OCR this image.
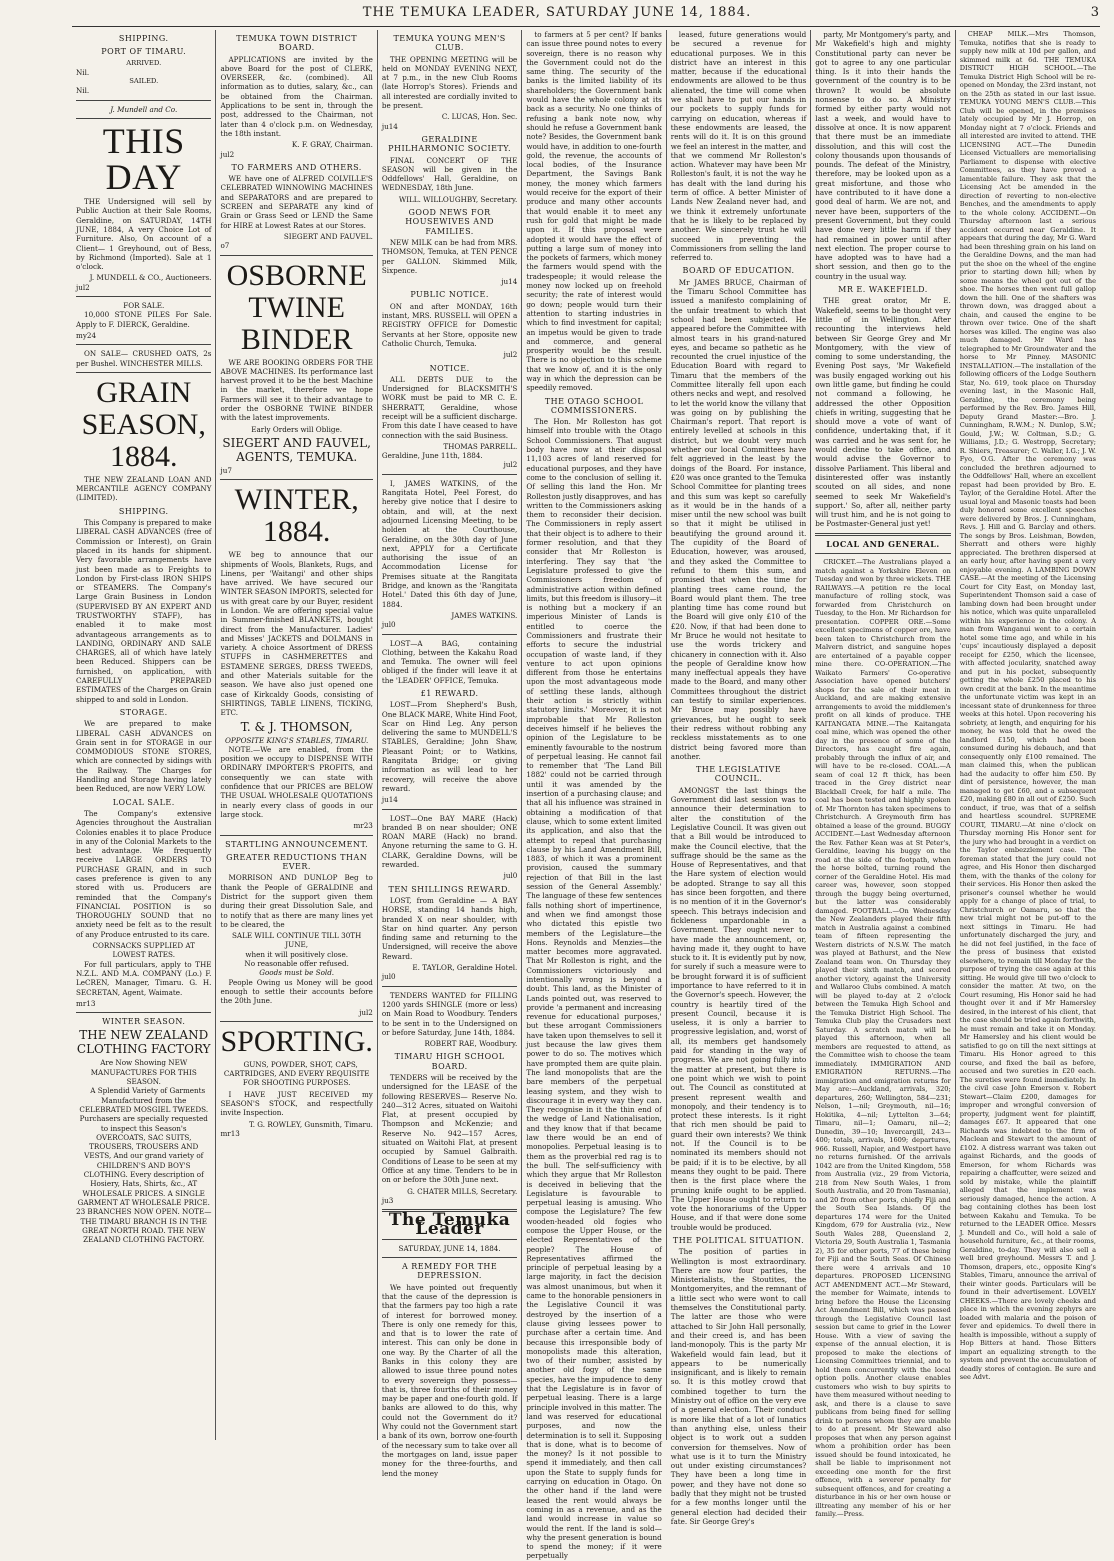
THE TEMUKA LEADER, SATURDAY JUNE 14, 1884.	3
SHIPPING.
PORT OF TIMARU.
ARRIVED.
Nil.
SAILED.
Nil.
J. Mundell and Co.
THIS DAY

THE Undersigned will sell by Public Auction at their Sale Rooms, Geraldine, on SATURDAY, 14TH JUNE, 1884, A very Choice Lot of Furniture. Also, On account of a Client— 1 Greyhound, out of Bess, by Richmond (Imported). Sale at 1 o'clock.

J. MUNDELL & CO., Auctioneers.
jul2
FOR SALE.

10,000 STONE PILES For Sale. Apply to F. DIERCK, Geraldine.

my24

ON SALE— CRUSHED OATS, 2s per Bushel. WINCHESTER MILLS.

GRAIN SEASON, 1884.

THE NEW ZEALAND LOAN AND MERCANTILE AGENCY COMPANY (LIMITED).

SHIPPING.

This Company is prepared to make LIBERAL CASH ADVANCES (free of Commission or Interest), on Grain placed in its hands for shipment. Very favorable arrangements have just been made as to Freights to London by First-class IRON SHIPS or STEAMERS. The Company's Large Grain Business in London (SUPERVISED BY AN EXPERT AND TRUSTWORTHY STAFF), has enabled it to make most advantageous arrangements as to LANDING, ORDINARY AND SALE CHARGES, all of which have lately been Reduced. Shippers can be furnished, on application, with CAREFULLY PREPARED ESTIMATES of the Charges on Grain shipped to and sold in London.

STORAGE.

We are prepared to make LIBERAL CASH ADVANCES on Grain sent in for STORAGE in our COMMODIOUS STONE STORES, which are connected by sidings with the Railway. The Charges for Handling and Storage having lately been Reduced, are now VERY LOW.

LOCAL SALE.

The Company's extensive Agencies throughout the Australian Colonies enables it to place Produce in any of the Colonial Markets to the best advantage. We frequently receive LARGE ORDERS TO PURCHASE GRAIN, and in such cases preference is given to any stored with us. Producers are reminded that the Company's FINANCIAL POSITION is so THOROUGHLY SOUND that no anxiety need be felt as to the result of any Produce entrusted to its care.

CORNSACKS SUPPLIED AT LOWEST RATES.

For full particulars, apply to THE N.Z.L. AND M.A. COMPANY (Lo.) F. LeCREN, Manager, Timaru. G. H. SECRETAN, Agent, Waimate.

mr13
WINTER SEASON.
THE NEW ZEALAND CLOTHING FACTORY
Are Now Showing NEW MANUFACTURES FOR THIS SEASON.

A Splendid Variety of Garments Manufactured from the CELEBRATED MOSGIEL TWEEDS. Purchasers are specially requested to inspect this Season's OVERCOATS, SAC SUITS, TROUSERS, TROUSERS AND VESTS, And our grand variety of CHILDREN'S AND BOY'S CLOTHING. Every description of Hosiery, Hats, Shirts, &c., AT WHOLESALE PRICES. A SINGLE GARMENT AT WHOLESALE PRICE. 23 BRANCHES NOW OPEN. NOTE—THE TIMARU BRANCH IS IN THE GREAT NORTH ROAD. THE NEW ZEALAND CLOTHING FACTORY.

TEMUKA TOWN DISTRICT BOARD.

APPLICATIONS are invited by the above Board for the post of CLERK, OVERSEER, &c. (combined). All information as to duties, salary, &c., can be obtained from the Chairman. Applications to be sent in, through the post, addressed to the Chairman, not later than 4 o'clock p.m. on Wednesday, the 18th instant.

K. F. GRAY, Chairman.
jul2
TO FARMERS AND OTHERS.

WE have one of ALFRED COLVILLE'S CELEBRATED WINNOWING MACHINES and SEPARATORS and are prepared to SCREEN and SEPARATE any kind of Grain or Grass Seed or LEND the Same for HIRE at Lowest Rates at our Stores.

SIEGERT AND FAUVEL.
o7
OSBORNE TWINE BINDER

WE ARE BOOKING ORDERS FOR THE ABOVE MACHINES. Its performance last harvest proved it to be the best Machine in the market, therefore we hope Farmers will see it to their advantage to order the OSBORNE TWINE BINDER with the latest improvements.

Early Orders will Oblige.
SIEGERT AND FAUVEL, AGENTS, TEMUKA.
ju7
WINTER, 1884.

WE beg to announce that our shipments of Wools, Blankets, Rugs, and Linens, per 'Waitangi' and other ships have arrived. We have secured our WINTER SEASON IMPORTS, selected for us with great care by our Buyer, resident in London. We are offering special value in Summer-finished BLANKETS, bought direct from the Manufacturer. Ladies' and Misses' JACKETS and DOLMANS in variety. A choice Assortment of DRESS STUFFS in CASHMERETTES and ESTAMENE SERGES, DRESS TWEEDS, and other Materials suitable for the season. We have also just opened one case of Kirkcaldy Goods, consisting of SHIRTINGS, TABLE LINENS, TICKING, ETC.

T. & J. THOMSON,
OPPOSITE KING'S STABLES, TIMARU.

NOTE.—We are enabled, from the position we occupy to DISPENSE WITH ORDINARY IMPORTER'S PROFITS, and consequently we can state with confidence that our PRICES are BELOW THE USUAL WHOLESALE QUOTATIONS in nearly every class of goods in our large stock.

mr23
STARTLING ANNOUNCEMENT.
GREATER REDUCTIONS THAN EVER.

MORRISON AND DUNLOP Beg to thank the People of GERALDINE and District for the support given them during their great Dissolution Sale, and to notify that as there are many lines yet to be cleared, the

SALE WILL CONTINUE TILL 30TH JUNE,
when it will positively close.
No reasonable offer refused.
Goods must be Sold.

People Owing us Money will be good enough to settle their accounts before the 20th June.

jul2
SPORTING.

GUNS, POWDER, SHOT, CAPS, CARTRIDGES, AND EVERY REQUISITE FOR SHOOTING PURPOSES.

I HAVE JUST RECEIVED my SEASON'S STOCK, and respectfully invite Inspection.

T. G. ROWLEY, Gunsmith, Timaru.
mr13
TEMUKA YOUNG MEN'S CLUB.

THE OPENING MEETING will be held on MONDAY EVENING NEXT, at 7 p.m., in the new Club Rooms (late Horrop's Stores). Friends and all interested are cordially invited to be present.

C. LUCAS, Hon. Sec.
ju14
GERALDINE PHILHARMONIC SOCIETY.

FINAL CONCERT OF THE SEASON will be given in the Oddfellows' Hall, Geraldine, on WEDNESDAY, 18th June.

WILL. WILLOUGHBY, Secretary.
GOOD NEWS FOR HOUSEWIVES AND FAMILIES.

NEW MILK can be had from MRS. THOMSON, Temuka, at TEN PENCE per GALLON. Skimmed Milk, Sixpence.

ju14
PUBLIC NOTICE.

ON and after MONDAY, 16th instant, MRS. RUSSELL will OPEN a REGISTRY OFFICE for Domestic Servants at her Store, opposite new Catholic Church, Temuka.

jul2
NOTICE.

ALL DEBTS DUE to the Undersigned for BLACKSMITH'S WORK must be paid to MR C. E. SHERRATT, Geraldine, whose receipt will be a sufficient discharge. From this date I have ceased to have connection with the said Business.

THOMAS PARRELL.
Geraldine, June 11th, 1884.
jul2

I, JAMES WATKINS, of the Rangitata Hotel, Peel Forest, do hereby give notice that I desire to obtain, and will, at the next adjourned Licensing Meeting, to be holden at the Courthouse, Geraldine, on the 30th day of June next, APPLY for a Certificate authorising the issue of an Accommodation License for Premises situate at the Rangitata Bridge, and known as the 'Rangitata Hotel.' Dated this 6th day of June, 1884.

JAMES WATKINS.
jul0

LOST—A BAG, containing Clothing, between the Kakahu Road and Temuka. The owner will feel obliged if the finder will leave it at the 'LEADER' OFFICE, Temuka.

£1 REWARD.

LOST—From Shepherd's Bush, One BLACK MARE, White Hind Foot, Scar on Hind Leg. Any person delivering the same to MUNDELL'S STABLES, Geraldine; John Shaw, Pleasant Point; or to Watkins, Rangitata Bridge; or giving information as will lead to her recovery, will receive the above reward.

ju14

LOST—One BAY MARE (Hack) branded B on near shoulder; ONE ROAN MARE (Hack) no brand. Anyone returning the same to G. H. CLARK, Geraldine Downs, will be rewarded.

jul0
TEN SHILLINGS REWARD.

LOST, from Geraldine — A BAY HORSE, standing 14 hands high, branded X on near shoulder, with Star on hind quarter. Any person finding same and returning to the Undersigned, will receive the above Reward.

E. TAYLOR, Geraldine Hotel.
jul0

TENDERS WANTED for FILLING 1200 yards SHINGLE (more or less) on Main Road to Woodbury. Tenders to be sent in to the Undersigned on or before Saturday, June 14th, 1884.

ROBERT RAE, Woodbury.
TIMARU HIGH SCHOOL BOARD.

TENDERS will be received by the undersigned for the LEASE of the following RESERVES— Reserve No. 240—312 Acres, situated on Waitohi Flat, at present occupied by Thompson and McKenzie; and Reserve No. 942—157 Acres, situated on Waitohi Flat, at present occupied by Samuel Galbraith. Conditions of Lease to be seen at my Office at any time. Tenders to be in on or before the 30th June next.

G. CHATER MILLS, Secretary.
ju3
The Temuka Leader
SATURDAY, JUNE 14, 1884.
A REMEDY FOR THE DEPRESSION.

We have pointed out frequently that the cause of the depression is that the farmers pay too high a rate of interest for borrowed money. There is only one remedy for this, and that is to lower the rate of interest. This can only be done in one way. By the Charter of all the Banks in this colony they are allowed to issue three pound notes to every sovereign they possess—that is, three fourths of their money may be paper and one-fourth gold. If banks are allowed to do this, why could not the Government do it? Why could not the Government start a bank of its own, borrow one-fourth of the necessary sum to take over all the mortgages on land, issue paper money for the three-fourths, and lend the money

to farmers at 5 per cent? If banks can issue three pound notes to every sovereign, there is no reason why the Government could not do the same thing. The security of the banks is the limited liability of its shareholders; the Government bank would have the whole colony at its back as a security. No one thinks of refusing a bank note now, why should he refuse a Government bank note? Besides, the Government bank would have, in addition to one-fourth gold, the revenue, the accounts of local bodies, of the Insurance Department, the Savings Bank money, the money which farmers would receive for the export of their produce and many other accounts that would enable it to meet any rush for gold that might be made upon it. If this proposal were adopted it would have the effect of putting a large sum of money into the pockets of farmers, which money the farmers would spend with the tradespeople; it would release the money now locked up on freehold security; the rate of interest would go down; people would turn their attention to starting industries in which to find investment for capital; an impetus would be given to trade and commerce, and general prosperity would be the result. There is no objection to this scheme that we know of, and it is the only way in which the depression can be speedily removed.

THE OTAGO SCHOOL COMMISSIONERS.

The Hon. Mr Rolleston has got himself into trouble with the Otago School Commissioners. That august body have now at their disposal 11,103 acres of land reserved for educational purposes, and they have come to the conclusion of selling it. Of selling this land the Hon. Mr Rolleston justly disapproves, and has written to the Commissioners asking them to reconsider their decision. The Commissioners in reply assert that their object is to adhere to their former resolution, and that they consider that Mr Rolleston is interfering. They say that 'the Legislature professed to give the Commissioners freedom of administrative action within defined limits, but this freedom is illusory—it is nothing but a mockery if an imperious Minister of Lands is entitled to coerce the Commissioners and frustrate their efforts to secure the industrial occupation of waste land, if they venture to act upon opinions different from those he entertains upon the most advantageous mode of settling these lands, although their action is strictly within statutory limits.' Moreover, it is not improbable that Mr Rolleston deceives himself if he believes the opinion of the Legislature to be eminently favourable to the nostrum of perpetual leasing. He cannot fail to remember that 'The Land Bill 1882' could not be carried through until it was amended by the insertion of a purchasing clause; and that all his influence was strained in obtaining a modification of that clause, which to some extent limited its application, and also that the attempt to repeal that purchasing clause by his Land Amendment Bill, 1883, of which it was a prominent provision, caused the summary rejection of that Bill in the last session of the General Assembly.' The language of these few sentences falls nothing short of impertinence, and when we find amongst those who dictated this epistle two members of the Legislature—the Hons. Reynolds and Menzies—the matter becomes more aggravated. That Mr Rolleston is right, and the Commissioners victoriously and intentionally wrong is beyond a doubt. This land, as the Minister of Lands pointed out, was reserved to provide 'a permanent and increasing revenue for educational purposes,' but these arrogant Commissioners have taken upon themselves to sell it just because the law gives them power to do so. The motives which have prompted them are quite plain. The land monopolists that are the bare members of the perpetual leasing system, and they wish to discourage it in every way they can. They recognise in it the thin end of the wedge of Land Nationalisation, and they know that if that became law there would be an end of monopolies. Perpetual leasing is to them as the proverbial red rag is to the bull. The self-sufficiency with which they argue that Mr Rolleston is deceived in believing that the Legislature is favourable to perpetual leasing is amusing. Who compose the Legislature? The few wooden-headed old fogies who compose the Upper House, or the elected Representatives of the people? The House of Representatives affirmed the principle of perpetual leasing by a large majority, in fact the decision was almost unanimous, but when it came to the honorable pensioners in the Legislative Council it was destroyed by the insertion of a clause giving lessees power to purchase after a certain time. And because this irresponsible body of monopolists made this alteration, two of their number, assisted by another old fogy of the same species, have the impudence to deny that the Legislature is in favor of perpetual leasing. There is a large principle involved in this matter. The land was reserved for educational purposes, and now the determination is to sell it. Supposing that is done, what is to become of the money? Is it not possible to spend it immediately, and then call upon the State to supply funds for carrying on education in Otago. On the other hand if the land were leased the rent would always be coming in as a revenue, and as the land would increase in value so would the rent. If the land is sold—why the present generation is bound to spend the money; if it were perpetually

leased, future generations would be secured a revenue for educational purposes. We in this district have an interest in this matter, because if the educational endowments are allowed to be thus alienated, the time will come when we shall have to put our hands in our pockets to supply funds for carrying on education, whereas if these endowments are leased, the rents will do it. It is on this ground we feel an interest in the matter, and that we commend Mr Rolleston's action. Whatever may have been Mr Rolleston's fault, it is not the way he has dealt with the land during his term of office. A better Minister of Lands New Zealand never had, and we think it extremely unfortunate that he is likely to be replaced by another. We sincerely trust he will succeed in preventing the Commissioners from selling the land referred to.

BOARD OF EDUCATION.

Mr JAMES BRUCE, Chairman of the Timaru School Committee has issued a manifesto complaining of the unfair treatment to which that school had been subjected. He appeared before the Committee with almost tears in his grand-natured eyes, and became so pathetic as he recounted the cruel injustice of the Education Board with regard to Timaru that the members of the Committee literally fell upon each others necks and wept, and resolved to let the world know the villany that was going on by publishing the Chairman's report. That report is entirely levelled at schools in this district, but we doubt very much whether our local Committees have felt aggrieved in the least by the doings of the Board. For instance, £20 was once granted to the Temuka School Committee for planting trees and this sum was kept so carefully as it would be in the hands of a miser until the new school was built so that it might be utilised in beautifying the ground around it. The cupidity of the Board of Education, however, was aroused, and they asked the Committee to refund to them this sum, and promised that when the time for planting trees came round, the Board would plant them. The tree planting time has come round but the Board will give only £10 of the £20. Now, if that had been done to Mr Bruce he would not hesitate to use the words trickery and chicanery in connection with it. Also the people of Geraldine know how many ineffectual appeals they have made to the Board, and many other Committees throughout the district can testify to similar experiences. Mr Bruce may possibly have grievances, but he ought to seek their redress without robbing any reckless misstatements as to one district being favored more than another.

THE LEGISLATIVE COUNCIL.

AMONGST the last things the Government did last session was to announce their determination to alter the constitution of the Legislative Council. It was given out that a Bill would be introduced to make the Council elective, that the suffrage should be the same as the House of Representatives, and that the Hare system of election would be adopted. Strange to say all this has since been forgotten, and there is no mention of it in the Governor's speech. This betrays indecision and fickleness unpardonable in a Government. They ought never to have made the announcement, or, having made it, they ought to have stuck to it. It is evidently put by now, for surely if such a measure were to be brought forward it is of sufficient importance to have referred to it in the Governor's speech. However, the country is heartily tired of the present Council, because it is useless, it is only a barrier to progressive legislation, and, worst of all, its members get handsomely paid for standing in the way of progress. We are not going fully into the matter at present, but there is one point which we wish to point out. The Council as constituted at present represent wealth and monopoly, and their tendency is to protect these interests. Is it right that rich men should be paid to guard their own interests? We think not. If the Council is to be nominated its members should not be paid; if it is to be elective, by all means they ought to be paid. There then is the first place where the pruning knife ought to be applied. The Upper House ought to return to vote the honorariums of the Upper House, and if that were done some trouble would be produced.

THE POLITICAL SITUATION.

The position of parties in Wellington is most extraordinary. There are now four parties, the Ministerialists, the Stoutites, the Montgomeryites, and the remnant of a little sect who were wont to call themselves the Constitutional party. The latter are those who were attached to Sir John Hall personally, and their creed is, and has been land-monopoly. This is the party Mr Wakefield would fain lead, but it appears to be numerically insignificant, and is likely to remain so. It is this motley crowd that combined together to turn the Ministry out of office on the very eve of a general election. Their conduct is more like that of a lot of lunatics than anything else, unless their object is to work out a sudden conversion for themselves. Now of what use is it to turn the Ministry out under existing circumstances? They have been a long time in power, and they have not done so badly that they might not be trusted for a few months longer until the general election had decided their fate. Sir George Grey's

party, Mr Montgomery's party, and Mr Wakefield's high and mighty Constitutional party can never be got to agree to any one particular thing. Is it into their hands the government of the country is to be thrown? It would be absolute nonsense to do so. A Ministry formed by either party would not last a week, and would have to dissolve at once. It is now apparent that there must be an immediate dissolution, and this will cost the colony thousands upon thousands of pounds. The defeat of the Ministry, therefore, may be looked upon as a great misfortune, and those who have contributed to it have done a good deal of harm. We are not, and never have been, supporters of the present Government, but they could have done very little harm if they had remained in power until after next election. The proper course to have adopted was to have had a short session, and then go to the country in the usual way.

MR E. WAKEFIELD.

THE great orator, Mr E. Wakefield, seems to be thought very little of in Wellington. After recounting the interviews held between Sir George Grey and Mr Montgomery, with the view of coming to some understanding, the Evening Post says, 'Mr Wakefield was busily engaged working out his own little game, but finding he could not command a following, he addressed the other Opposition chiefs in writing, suggesting that he should move a vote of want of confidence, undertaking that, if it was carried and he was sent for, he would decline to take office, and would advise the Governor to dissolve Parliament. This liberal and disinterested offer was instantly scouted on all sides, and none seemed to seek Mr Wakefield's support.' So, after all, neither party will trust him, and he is not going to be Postmaster-General just yet!

LOCAL AND GENERAL.

CRICKET.—The Australians played a match against a Yorkshire Eleven on Tuesday and won by three wickets. THE RAILWAYS.—A petition re the local manufacture of rolling stock, was forwarded from Christchurch on Tuesday, to the Hon. Mr Richardson for presentation. COPPER ORE.—Some excellent specimens of copper ore, have been taken to Christchurch from the Malvern district, and sanguine hopes are entertained of a payable copper mine there. CO-OPERATION.—The Waikato Farmers' Co-operative Association have opened butchers' shops for the sale of their meat in Auckland, and are making extensive arrangements to avoid the middlemen's profit on all kinds of produce. THE KAITANGATA MINE.—The Kaitangata coal mine, which was opened the other day in the presence of some of the Directors, has caught fire again, probably through the influx of air, and will have to be re-closed. COAL.—A seam of coal 12 ft thick, has been traced in the Grey district near Blackball Creek, for half a mile. The coal has been tested and highly spoken of. Mr Thornton has taken specimens to Christchurch. A Greymouth firm has obtained a lease of the ground. BUGGY ACCIDENT.—Last Wednesday afternoon the Rev. Father Kean was at St Peter's, Geraldine, leaving his buggy on the road at the side of the footpath, when the horse bolted, turning round the corner of the Geraldine Hotel. His mad career was, however, soon stopped through the buggy being overturned, but the latter was considerably damaged. FOOTBALL.—On Wednesday the New Zealanders played their fifth match in Australia against a combined team of fifteen representing the Western districts of N.S.W. The match was played at Bathurst, and the New Zealand team won. On Thursday they played their sixth match, and scored another victory, against the University and Wallaroo Clubs combined. A match will be played to-day at 2 o'clock between the Temuka High School and the Temuka District High School. The Temuka Club play the Crusaders next Saturday. A scratch match will be played this afternoon, when all members are requested to attend, as the Committee wish to choose the team immediately. IMMIGRATION AND EMIGRATION RETURNS.—The immigration and emigration returns for May are:—Auckland, arrivals, 320; departures, 260; Wellington, 584—231; Nelson, 1—nil; Greymouth, nil—16; Hokitika, 4—nil; Lyttelton 3—64; Timaru, nil—1; Oamaru, nil—2; Dunedin, 39—10; Invercargill, 243—400; totals, arrivals, 1609; departures, 966. Russell, Napier, and Westport have no returns furnished. Of the arrivals 1042 are from the United Kingdom, 558 from Australia (viz., 29 from Victoria, 218 from New South Wales, 1 from South Australia, and 20 from Tasmania), and 20 from other ports, chiefly Fiji and the South Sea Islands. Of the departures 174 were for the United Kingdom, 679 for Australia (viz., New South Wales 288, Queensland 2, Victoria 29, South Australia 1, Tasmania 2), 35 for other ports, 77 of these being for Fiji and the South Seas. Of Chinese there were 4 arrivals and 10 departures. PROPOSED LICENSING ACT AMENDMENT ACT.—Mr Steward, the member for Waimate, intends to bring before the House the Licensing Act Amendment Bill, which was passed through the Legislative Council last session but came to grief in the Lower House. With a view of saving the expense of the annual election, it is proposed to make the elections of Licensing Committees triennial, and to hold them concurrently with the local option polls. Another clause enables customers who wish to buy spirits to have them measured without needing to ask, and there is a clause to save publicans from being fined for selling drink to persons whom they are unable to do at present. Mr Steward also proposes that when any person against whom a prohibition order has been issued should be found intoxicated, he shall be liable to imprisonment not exceeding one month for the first offence, with a severer penalty for subsequent offences, and for creating a disturbance in his or her own house or illtreating any member of his or her family.—Press.

CHEAP MILK.—Mrs Thomson, Temuka, notifies that she is ready to supply new milk at 10d per gallon, and skimmed milk at 6d. THE TEMUKA DISTRICT HIGH SCHOOL.—The Temuka District High School will be re-opened on Monday, the 23rd instant, not on the 25th as stated in our last issue. TEMUKA YOUNG MEN'S CLUB.—This Club will be opened, in the premises lately occupied by Mr J. Horrop, on Monday night at 7 o'clock. Friends and all interested are invited to attend. THE LICENSING ACT.—The Dunedin Licensed Victuallers are memorialising Parliament to dispense with elective Committees, as they have proved a lamentable failure. They ask that the Licensing Act be amended in the direction of reverting to non-elective Benches, and the amendments to apply to the whole colony. ACCIDENT.—On Thursday afternoon last a serious accident occurred near Geraldine. It appears that during the day, Mr G. Ward had been threshing grain on his land on the Geraldine Downs, and the man had put the shoe on the wheel of the engine prior to starting down hill; when by some means the wheel got out of the shoe. The horses then went full gallop down the hill. One of the shafters was thrown down, was dragged about a chain, and caused the engine to be thrown over twice. One of the shaft horses was killed. The engine was also much damaged. Mr Ward has telegraphed to Mr Groundwater and the horse to Mr Pinney. MASONIC INSTALLATION.—The installation of the following officers of the Lodge Southern Star, No. 619, took place on Thursday evening last, in the Masonic Hall, Geraldine, the ceremony being performed by the Rev. Bro. James Hill, Deputy Grand Master:—Bro. J. Cunningham, R.W.M.; N. Dunlop, S.W.; Gould, J.W.; W. Coltman, S.D.; G. Williams, J.D.; G. Westropp, Secretary; R. Shiers, Treasurer; C. Waller, I.G.; J. W. Fyo, O.G. After the ceremony was concluded the brethren adjourned to the Oddfellows' Hall, where an excellent repast had been provided by Bro. E. Taylor, of the Geraldine Hotel. After the usual loyal and Masonic toasts had been duly honored some excellent speeches were delivered by Bros. J. Cunningham, Revs. J. Hill and G. Barclay and others. The songs by Bros. Leishman, Bowden, Sherratt and others were highly appreciated. The brethren dispersed at an early hour, after having spent a very enjoyable evening. A LAMBING DOWN CASE.—At the meeting of the Licensing Court for City East, on Monday last, Superintendent Thomson said a case of lambing down had been brought under his notice, which was quite unparalleled within his experience in the colony. A man from Wanganui went to a certain hotel some time ago, and while in his 'cups' incautiously displayed a deposit receipt for £250, which the licensee, with affected jocularity, snatched away and put in his pocket, subsequently getting the whole £250 placed to his own credit at the bank. In the meantime the unfortunate victim was kept in an incessant state of drunkenness for three weeks at this hotel. Upon recovering his sobriety, at length, and enquiring for his money, he was told that he owed the landlord £150, which had been consumed during his debauch, and that consequently only £100 remained. The man claimed this, when the publican had the audacity to offer him £50. By dint of persistence, however, the man managed to get £60, and a subsequent £20, making £80 in all out of £250. Such conduct, if true, was that of a selfish and heartless scoundrel. SUPREME COURT, TIMARU.—At nine o'clock on Thursday morning His Honor sent for the jury who had brought in a verdict on the Taylor embezzlement case. The foreman stated that the jury could not agree, and His Honor then discharged them, with the thanks of the colony for their services. His Honor then asked the prisoner's counsel whether he would apply for a change of place of trial, to Christchurch or Oamaru, so that the new trial might not be put-off to the next sittings in Timaru. He had unfortunately discharged the jury, and he did not feel justified, in the face of the press of business that existed elsewhere, to remain till Monday for the purpose of trying the case again at this sitting. He would give till two o'clock to consider the matter. At two, on the Court resuming, His Honor said he had thought over it and if Mr Hamersley desired, in the interest of his client, that the case should be tried again forthwith, he must remain and take it on Monday. Mr Hamersley and his client would be satisfied to go on till the next sittings at Timaru. His Honor agreed to this course, and fixed the bail as before, accused and two sureties in £20 each. The sureties were found immediately. In the civil case John Emerson v. Robert Stewart—Claim £200, damages for improper and wrongful conversion of property, judgment went for plaintiff, damages £67. It appeared that one Richards was indebted to the firm of Maclean and Stewart to the amount of £102. A distress warrant was taken out against Richards, and the goods of Emerson, for whom Richards was repairing a chaffcutter, were seized and sold by mistake, while the plaintiff alleged that the implement was seriously damaged, hence the action. A bag containing clothes has been lost between Kakahu and Temuka. To be returned to the LEADER Office. Messrs J. Mundell and Co., will hold a sale of household furniture, &c., at their rooms, Geraldine, to-day. They will also sell a well bred greyhound. Messrs T. and J. Thomson, drapers, etc., opposite King's Stables, Timaru, announce the arrival of their winter goods. Particulars will be found in their advertisement. LOVELY CHEEKS.—There are lovely cheeks and place in which the evening zephyrs are loaded with malaria and the poison of fever and epidemics. To dwell there in health is impossible, without a supply of Hop Bitters at hand. Those Bitters impart an equalizing strength to the system and prevent the accumulation of deadly stores of contagion. Be sure and see Advt.
